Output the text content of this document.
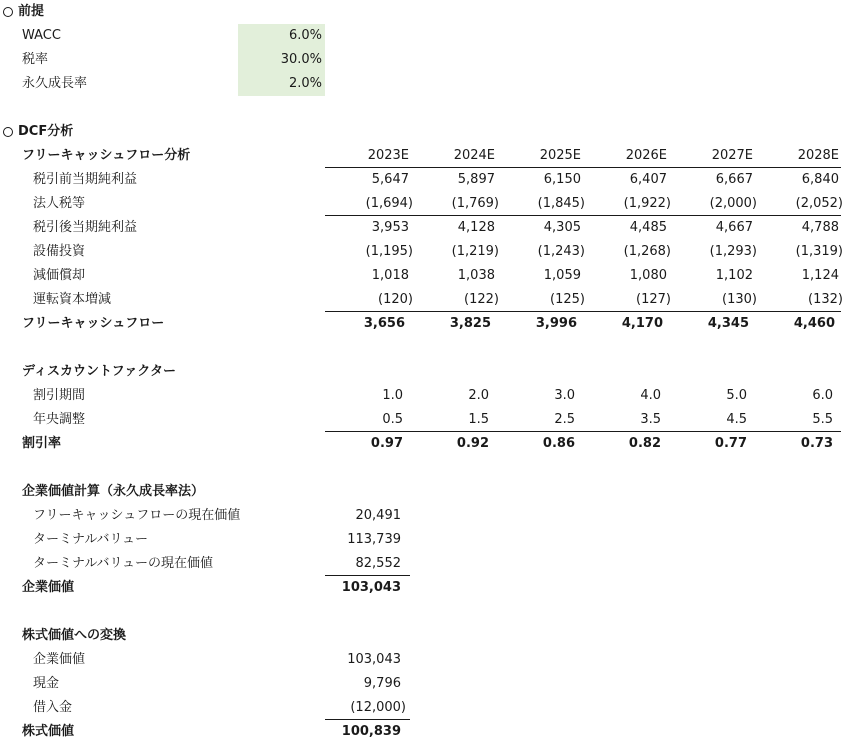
前提
WACC	6.0%
税率	30.0%
永久成長率	2.0%
DCF分析
フリーキャッシュフロー分析	2023E	2024E	2025E	2026E	2027E	2028E
税引前当期純利益	5,647	5,897	6,150	6,407	6,667	6,840
法人税等	(1,694)	(1,769)	(1,845)	(1,922)	(2,000)	(2,052)
税引後当期純利益	3,953	4,128	4,305	4,485	4,667	4,788
設備投資	(1,195)	(1,219)	(1,243)	(1,268)	(1,293)	(1,319)
減価償却	1,018	1,038	1,059	1,080	1,102	1,124
運転資本増減	(120)	(122)	(125)	(127)	(130)	(132)
フリーキャッシュフロー	3,656	3,825	3,996	4,170	4,345	4,460
ディスカウントファクター
割引期間	1.0	2.0	3.0	4.0	5.0	6.0
年央調整	0.5	1.5	2.5	3.5	4.5	5.5
割引率	0.97	0.92	0.86	0.82	0.77	0.73
企業価値計算（永久成長率法）
フリーキャッシュフローの現在価値	20,491
ターミナルバリュー	113,739
ターミナルバリューの現在価値	82,552
企業価値	103,043
株式価値への変換
企業価値	103,043
現金	9,796
借入金	(12,000)
株式価値	100,839
